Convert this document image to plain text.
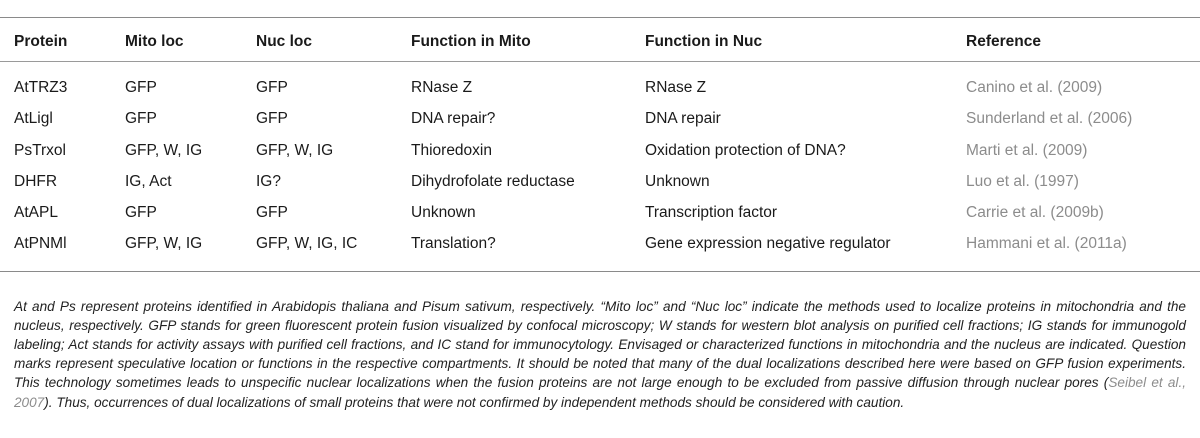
Protein	Mito loc	Nuc loc	Function in Mito	Function in Nuc	Reference
AtTRZ3	GFP	GFP	RNase Z	RNase Z	Canino et al. (2009)
AtLigl	GFP	GFP	DNA repair?	DNA repair	Sunderland et al. (2006)
PsTrxol	GFP, W, IG	GFP, W, IG	Thioredoxin	Oxidation protection of DNA?	Marti et al. (2009)
DHFR	IG, Act	IG?	Dihydrofolate reductase	Unknown	Luo et al. (1997)
AtAPL	GFP	GFP	Unknown	Transcription factor	Carrie et al. (2009b)
AtPNMl	GFP, W, IG	GFP, W, IG, IC	Translation?	Gene expression negative regulator	Hammani et al. (2011a)

At and Ps represent proteins identified in Arabidopis thaliana and Pisum sativum, respectively. “Mito loc” and “Nuc loc” indicate the methods used to localize proteins in mitochondria and the nucleus, respectively. GFP stands for green fluorescent protein fusion visualized by confocal microscopy; W stands for western blot analysis on purified cell fractions; IG stands for immunogold labeling; Act stands for activity assays with purified cell fractions, and IC stand for immunocytology. Envisaged or characterized functions in mitochondria and the nucleus are indicated. Question marks represent speculative location or functions in the respective compartments. It should be noted that many of the dual localizations described here were based on GFP fusion experiments. This technology sometimes leads to unspecific nuclear localizations when the fusion proteins are not large enough to be excluded from passive diffusion through nuclear pores (Seibel et al., 2007). Thus, occurrences of dual localizations of small proteins that were not confirmed by independent methods should be considered with caution.
